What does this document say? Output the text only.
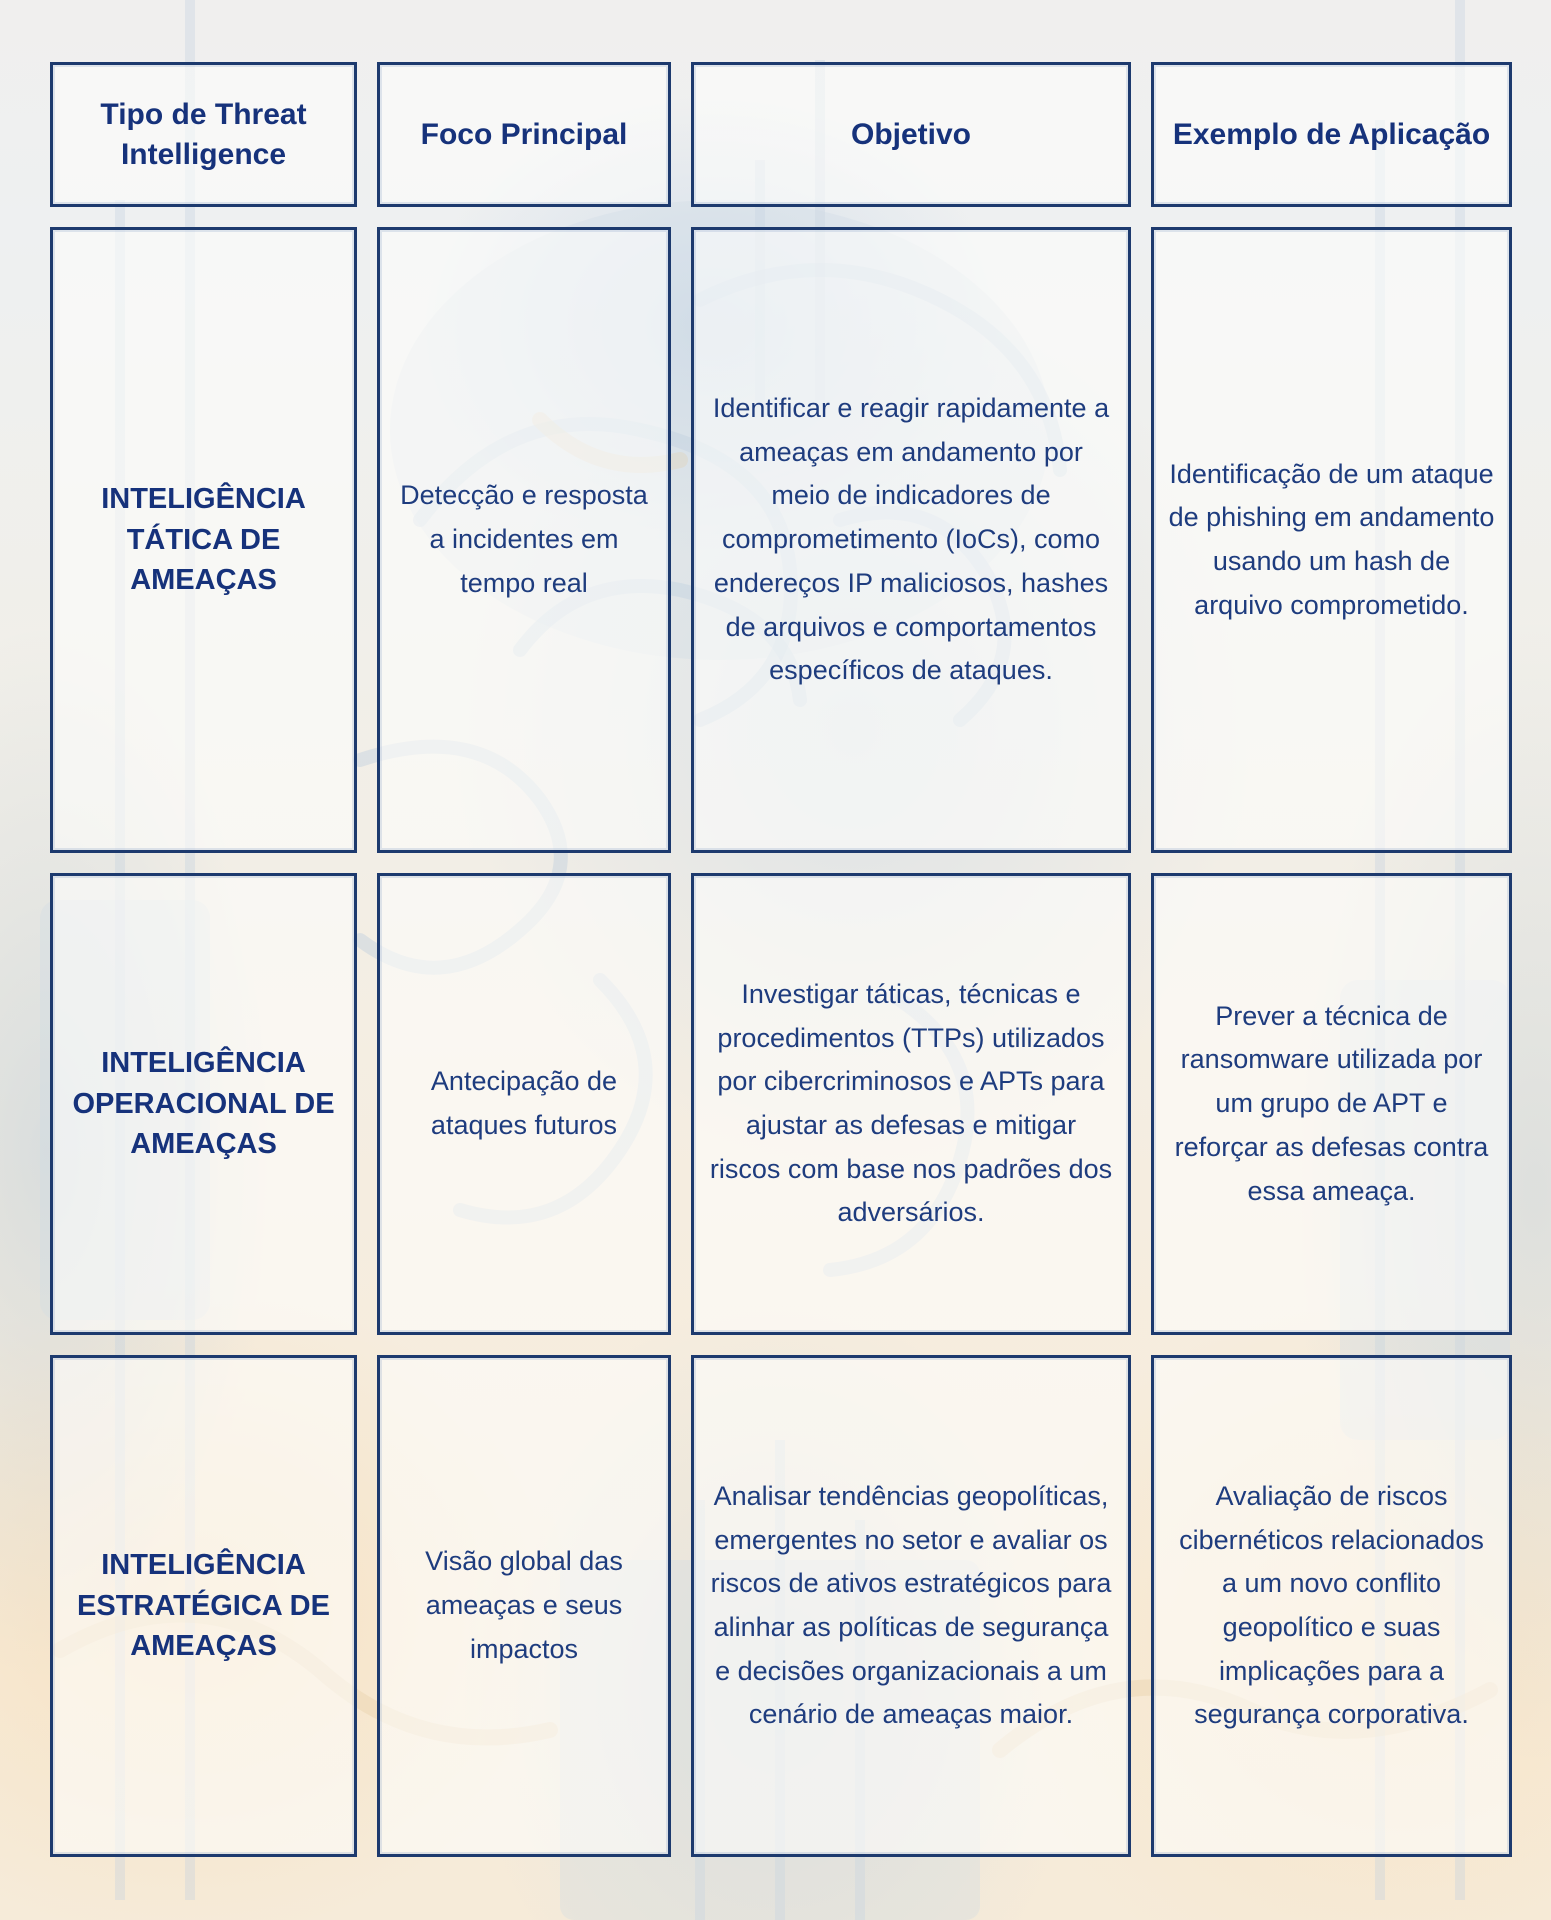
Tipo de Threat Intelligence
Foco Principal	Objetivo	Exemplo de Aplicação
INTELIGÊNCIA TÁTICA DE AMEAÇAS
Detecção e resposta a incidentes em tempo real
Identificar e reagir rapidamente a ameaças em andamento por meio de indicadores de comprometimento (IoCs), como endereços IP maliciosos, hashes de arquivos e comportamentos específicos de ataques.
Identificação de um ataque de phishing em andamento usando um hash de arquivo comprometido.
INTELIGÊNCIA OPERACIONAL DE AMEAÇAS
Antecipação de ataques futuros
Investigar táticas, técnicas e procedimentos (TTPs) utilizados por cibercriminosos e APTs para ajustar as defesas e mitigar riscos com base nos padrões dos adversários.
Prever a técnica de ransomware utilizada por um grupo de APT e reforçar as defesas contra essa ameaça.
INTELIGÊNCIA ESTRATÉGICA DE AMEAÇAS
Visão global das ameaças e seus impactos
Analisar tendências geopolíticas, emergentes no setor e avaliar os riscos de ativos estratégicos para alinhar as políticas de segurança e decisões organizacionais a um cenário de ameaças maior.
Avaliação de riscos cibernéticos relacionados a um novo conflito geopolítico e suas implicações para a segurança corporativa.
